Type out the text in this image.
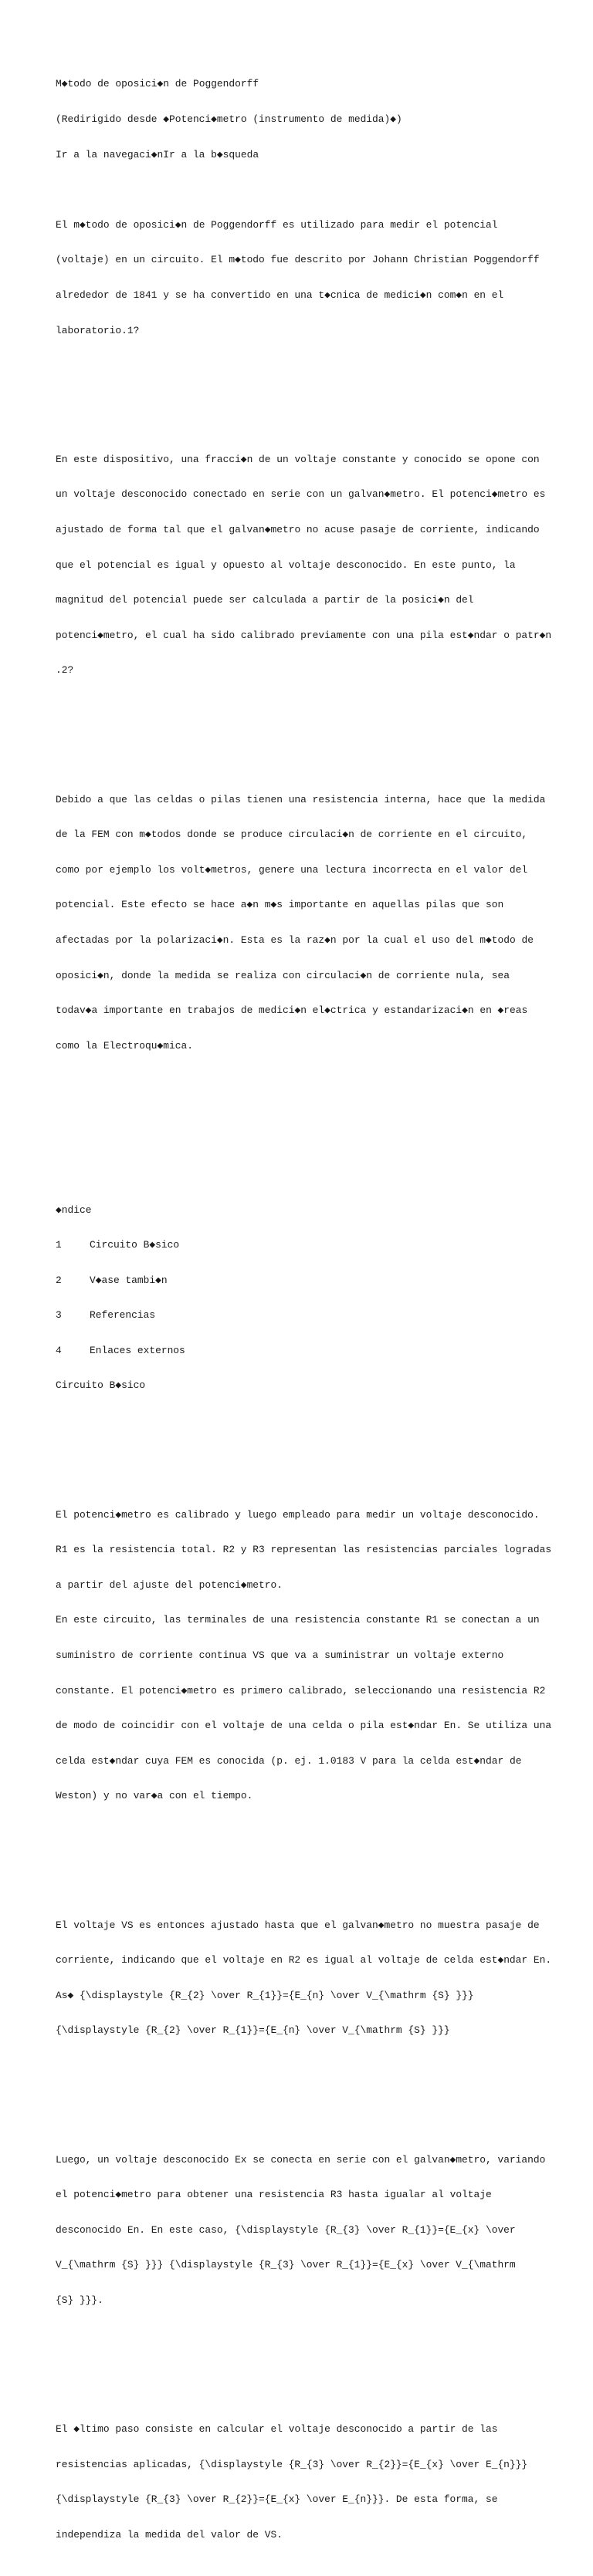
M◆todo de oposici◆n de Poggendorff

(Redirigido desde ◆Potenci◆metro (instrumento de medida)◆)

Ir a la navegaci◆nIr a la b◆squeda

El m◆todo de oposici◆n de Poggendorff es utilizado para medir el potencial

(voltaje) en un circuito. El m◆todo fue descrito por Johann Christian Poggendorff

alrededor de 1841 y se ha convertido en una t◆cnica de medici◆n com◆n en el

laboratorio.1?

En este dispositivo, una fracci◆n de un voltaje constante y conocido se opone con

un voltaje desconocido conectado en serie con un galvan◆metro. El potenci◆metro es

ajustado de forma tal que el galvan◆metro no acuse pasaje de corriente, indicando

que el potencial es igual y opuesto al voltaje desconocido. En este punto, la

magnitud del potencial puede ser calculada a partir de la posici◆n del

potenci◆metro, el cual ha sido calibrado previamente con una pila est◆ndar o patr◆n

.2?

Debido a que las celdas o pilas tienen una resistencia interna, hace que la medida

de la FEM con m◆todos donde se produce circulaci◆n de corriente en el circuito,

como por ejemplo los volt◆metros, genere una lectura incorrecta en el valor del

potencial. Este efecto se hace a◆n m◆s importante en aquellas pilas que son

afectadas por la polarizaci◆n. Esta es la raz◆n por la cual el uso del m◆todo de

oposici◆n, donde la medida se realiza con circulaci◆n de corriente nula, sea

todav◆a importante en trabajos de medici◆n el◆ctrica y estandarizaci◆n en ◆reas

como la Electroqu◆mica.

◆ndice

1	Circuito B◆sico

2	V◆ase tambi◆n

3	Referencias

4	Enlaces externos

Circuito B◆sico

El potenci◆metro es calibrado y luego empleado para medir un voltaje desconocido.

R1 es la resistencia total. R2 y R3 representan las resistencias parciales logradas

a partir del ajuste del potenci◆metro.

En este circuito, las terminales de una resistencia constante R1 se conectan a un

suministro de corriente continua VS que va a suministrar un voltaje externo

constante. El potenci◆metro es primero calibrado, seleccionando una resistencia R2

de modo de coincidir con el voltaje de una celda o pila est◆ndar En. Se utiliza una

celda est◆ndar cuya FEM es conocida (p. ej. 1.0183 V para la celda est◆ndar de

Weston) y no var◆a con el tiempo.

El voltaje VS es entonces ajustado hasta que el galvan◆metro no muestra pasaje de

corriente, indicando que el voltaje en R2 es igual al voltaje de celda est◆ndar En.

As◆ {\displaystyle {R_{2} \over R_{1}}={E_{n} \over V_{\mathrm {S} }}}

{\displaystyle {R_{2} \over R_{1}}={E_{n} \over V_{\mathrm {S} }}}

Luego, un voltaje desconocido Ex se conecta en serie con el galvan◆metro, variando

el potenci◆metro para obtener una resistencia R3 hasta igualar al voltaje

desconocido En. En este caso, {\displaystyle {R_{3} \over R_{1}}={E_{x} \over

V_{\mathrm {S} }}} {\displaystyle {R_{3} \over R_{1}}={E_{x} \over V_{\mathrm

{S} }}}.

El ◆ltimo paso consiste en calcular el voltaje desconocido a partir de las

resistencias aplicadas, {\displaystyle {R_{3} \over R_{2}}={E_{x} \over E_{n}}}

{\displaystyle {R_{3} \over R_{2}}={E_{x} \over E_{n}}}. De esta forma, se

independiza la medida del valor de VS.
